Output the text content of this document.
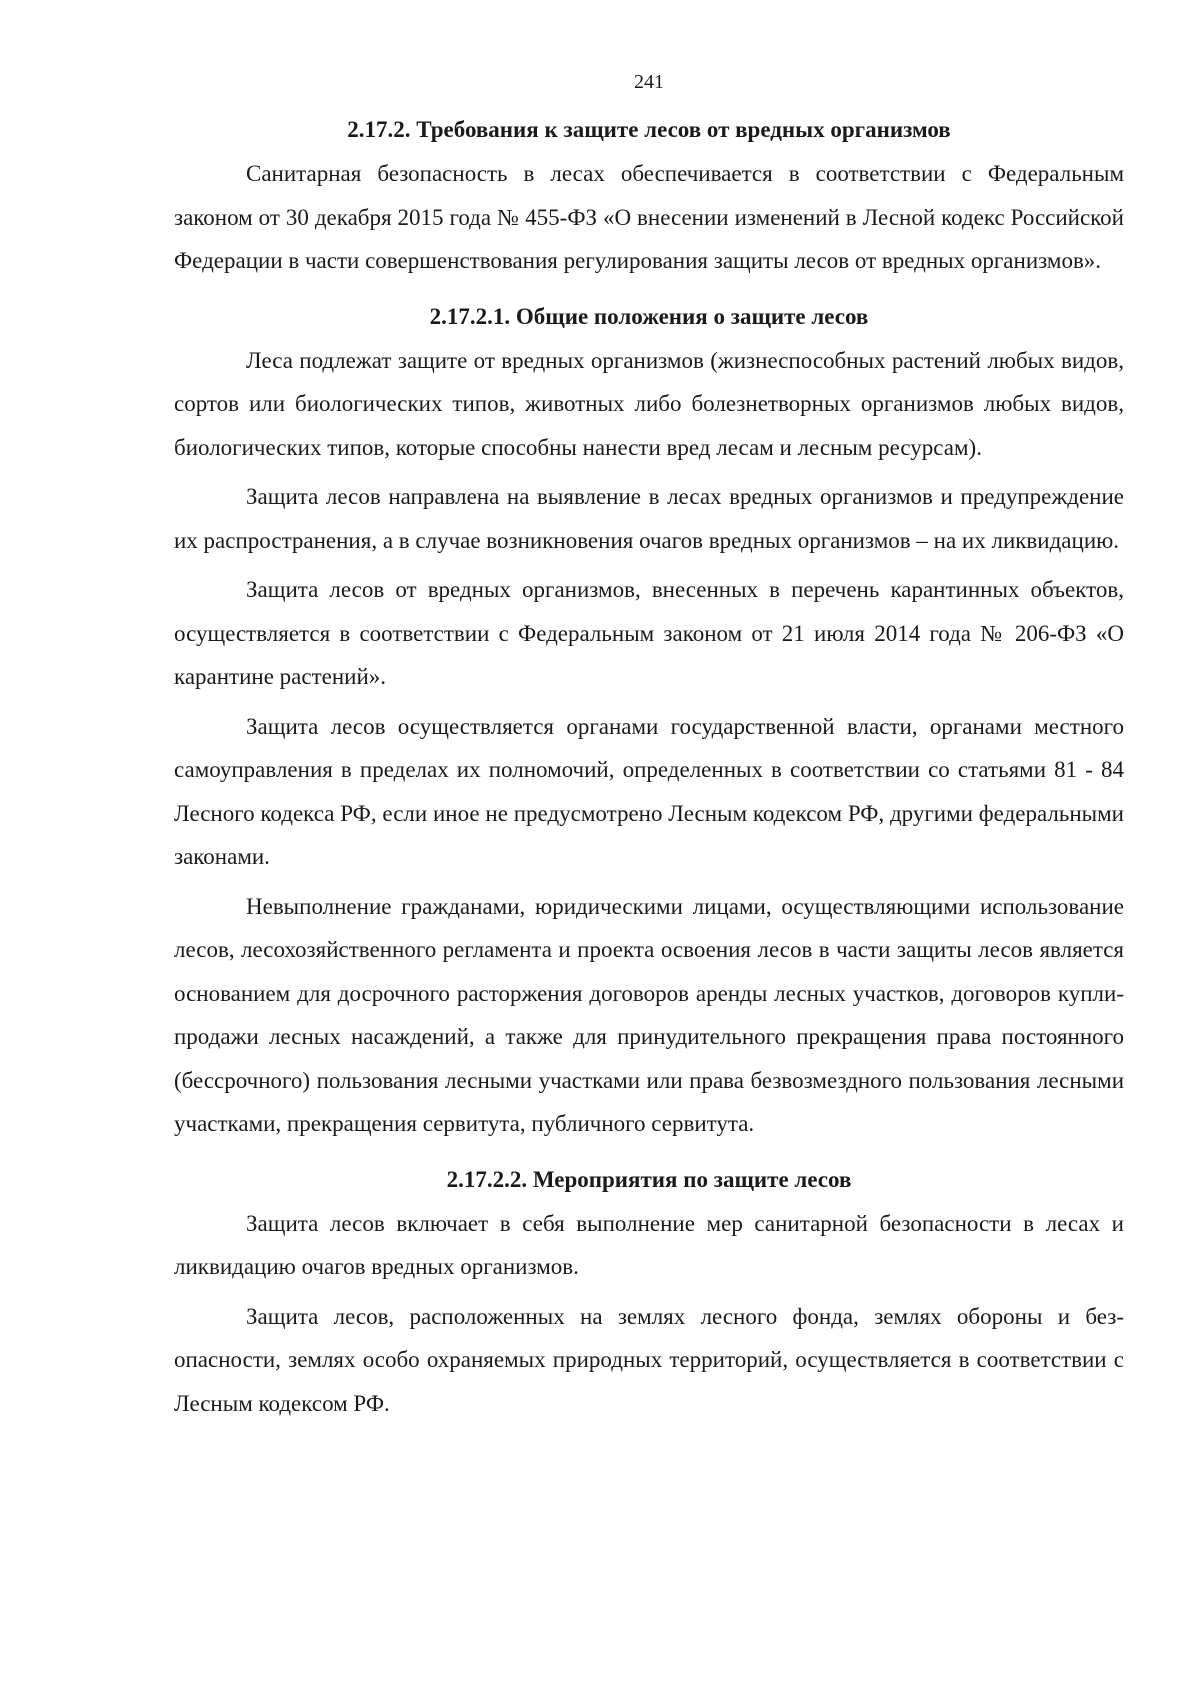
241
2.17.2. Требования к защите лесов от вредных организмов

Санитарная безопасность в лесах обеспечивается в соответствии с Федеральным законом от 30 декабря 2015 года № 455-ФЗ «О внесении изменений в Лесной кодекс Российской Федерации в части совершенствования регулирования защиты лесов от вредных организмов».

2.17.2.1. Общие положения о защите лесов

Леса подлежат защите от вредных организмов (жизнеспособных растений любых видов, сортов или биологических типов, животных либо болезнетворных организмов любых видов, биологических типов, которые способны нанести вред лесам и лесным ресурсам).

Защита лесов направлена на выявление в лесах вредных организмов и предупреждение их распространения, а в случае возникновения очагов вредных организмов – на их ликвидацию.

Защита лесов от вредных организмов, внесенных в перечень карантинных объектов, осуществляется в соответствии с Федеральным законом от 21 июля 2014 года № 206-ФЗ «О карантине растений».

Защита лесов осуществляется органами государственной власти, органами местного самоуправления в пределах их полномочий, определенных в соответствии со статьями 81 - 84 Лесного кодекса РФ, если иное не предусмотрено Лесным кодексом РФ, другими федеральными законами.

Невыполнение гражданами, юридическими лицами, осуществляющими использование лесов, лесохозяйственного регламента и проекта освоения лесов в части защиты лесов является основанием для досрочного расторжения договоров аренды лесных участков, договоров купли-продажи лесных насаждений, а также для принудительного прекращения права постоянного (бессрочного) пользования лесными участками или права безвозмездного пользования лесными участками, прекращения сервитута, публичного сервитута.

2.17.2.2. Мероприятия по защите лесов

Защита лесов включает в себя выполнение мер санитарной безопасности в лесах и ликвидацию очагов вредных организмов.

Защита лесов, расположенных на землях лесного фонда, землях обороны и безопасности, землях особо охраняемых природных территорий, осуществляется в соответствии с Лесным кодексом РФ.
